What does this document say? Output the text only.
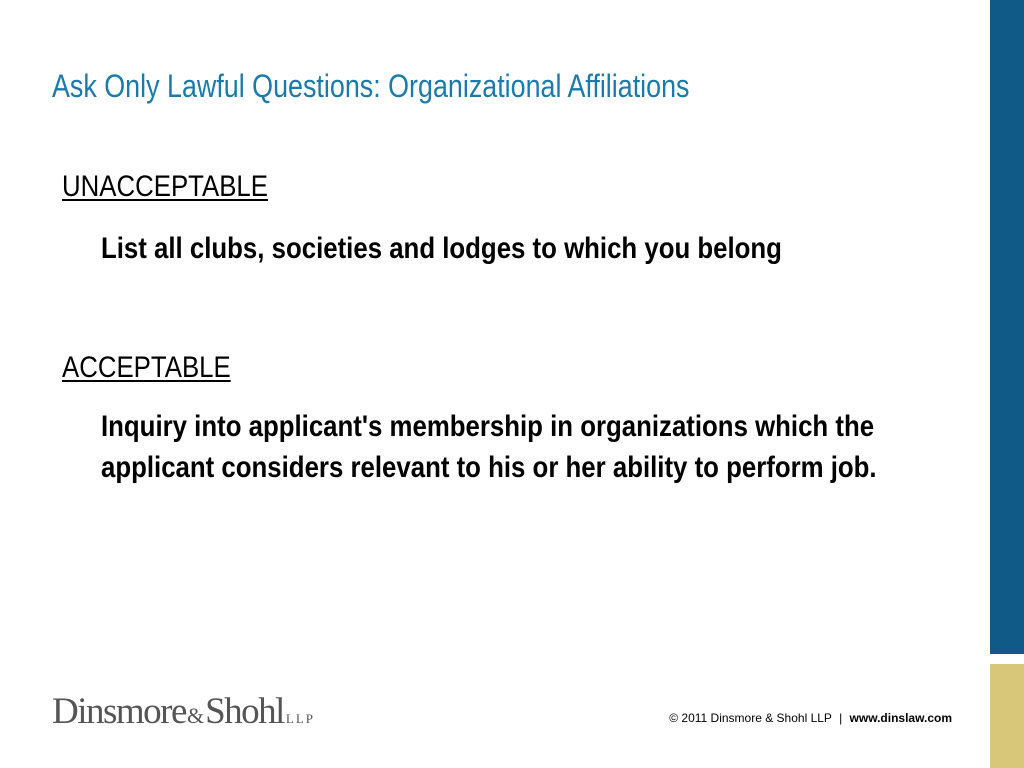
Ask Only Lawful Questions: Organizational Affiliations
UNACCEPTABLE
List all clubs, societies and lodges to which you belong
ACCEPTABLE
Inquiry into applicant's membership in organizations which the applicant considers relevant to his or her ability to perform job.
Dinsmore & Shohl LLP	© 2011 Dinsmore & Shohl LLP | www.dinslaw.com
